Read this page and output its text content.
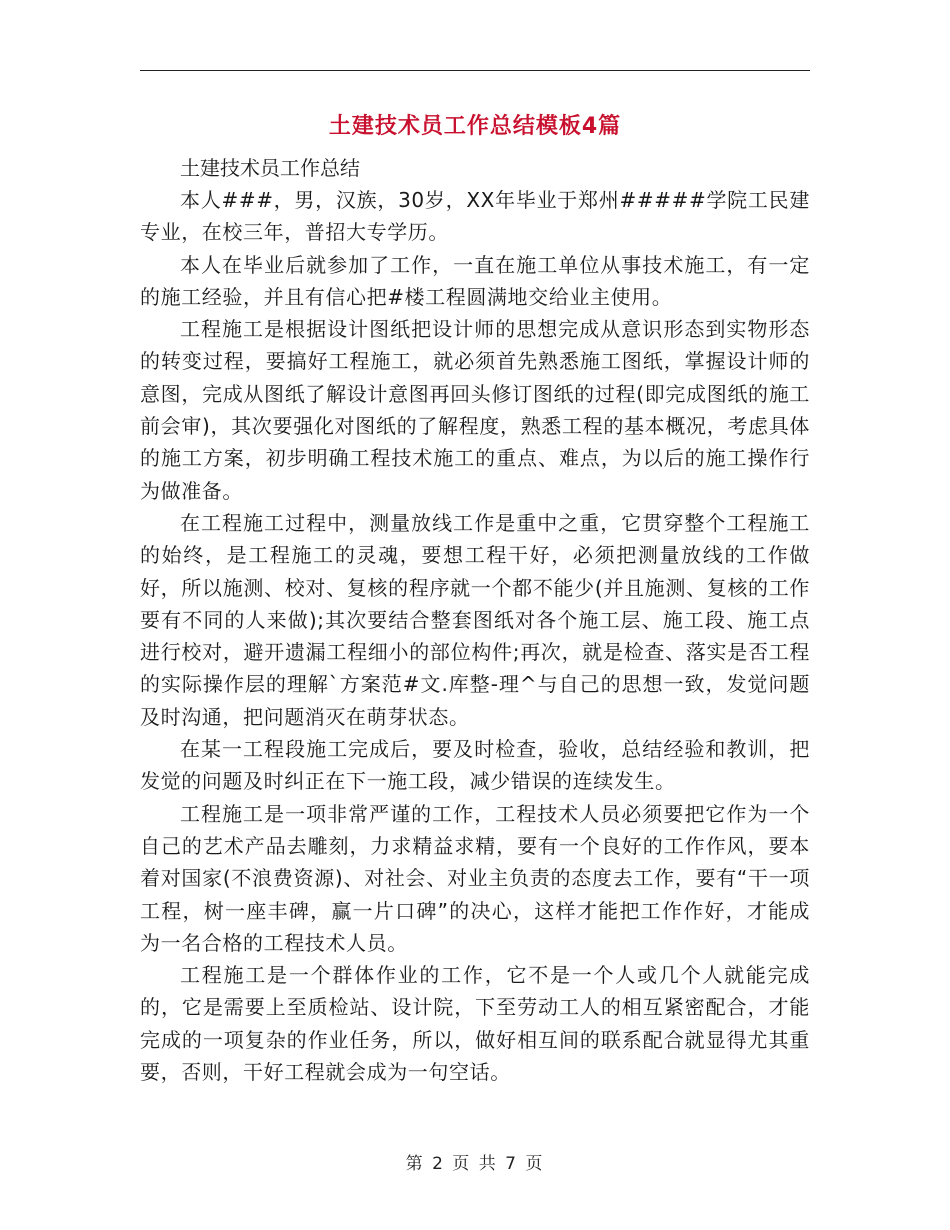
土建技术员工作总结模板4篇

土建技术员工作总结

本人###，男，汉族，30岁，XX年毕业于郑州#####学院工民建专业，在校三年，普招大专学历。

本人在毕业后就参加了工作，一直在施工单位从事技术施工，有一定的施工经验，并且有信心把#楼工程圆满地交给业主使用。

工程施工是根据设计图纸把设计师的思想完成从意识形态到实物形态的转变过程，要搞好工程施工，就必须首先熟悉施工图纸，掌握设计师的意图，完成从图纸了解设计意图再回头修订图纸的过程(即完成图纸的施工前会审)，其次要强化对图纸的了解程度，熟悉工程的基本概况，考虑具体的施工方案，初步明确工程技术施工的重点、难点，为以后的施工操作行为做准备。

在工程施工过程中，测量放线工作是重中之重，它贯穿整个工程施工的始终，是工程施工的灵魂，要想工程干好，必须把测量放线的工作做好，所以施测、校对、复核的程序就一个都不能少(并且施测、复核的工作要有不同的人来做);其次要结合整套图纸对各个施工层、施工段、施工点进行校对，避开遗漏工程细小的部位构件;再次，就是检查、落实是否工程的实际操作层的理解`方案范#文.库整-理^与自己的思想一致，发觉问题及时沟通，把问题消灭在萌芽状态。

在某一工程段施工完成后，要及时检查，验收，总结经验和教训，把发觉的问题及时纠正在下一施工段，减少错误的连续发生。

工程施工是一项非常严谨的工作，工程技术人员必须要把它作为一个自己的艺术产品去雕刻，力求精益求精，要有一个良好的工作作风，要本着对国家(不浪费资源)、对社会、对业主负责的态度去工作，要有“干一项工程，树一座丰碑，赢一片口碑”的决心，这样才能把工作作好，才能成为一名合格的工程技术人员。

工程施工是一个群体作业的工作，它不是一个人或几个人就能完成的，它是需要上至质检站、设计院，下至劳动工人的相互紧密配合，才能完成的一项复杂的作业任务，所以，做好相互间的联系配合就显得尤其重要，否则，干好工程就会成为一句空话。

第 2 页 共 7 页
